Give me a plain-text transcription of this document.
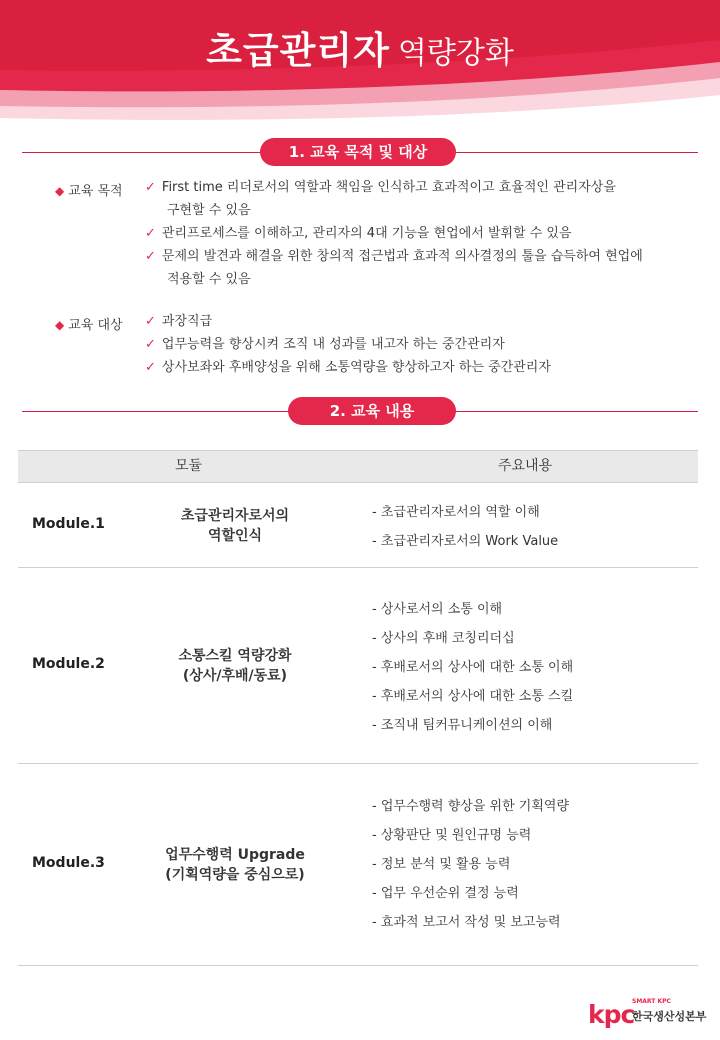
초급관리자 역량강화
1. 교육 목적 및 대상
◆ 교육 목적 ✓ First time 리더로서의 역할과 책임을 인식하고 효과적이고 효율적인 관리자상을
구현할 수 있음
✓ 관리프로세스를 이해하고, 관리자의 4대 기능을 현업에서 발휘할 수 있음
✓ 문제의 발견과 해결을 위한 창의적 접근법과 효과적 의사결정의 툴을 습득하여 현업에
적용할 수 있음
◆ 교육 대상 ✓ 과장직급
✓ 업무능력을 향상시켜 조직 내 성과를 내고자 하는 중간관리자
✓ 상사보좌와 후배양성을 위해 소통역량을 향상하고자 하는 중간관리자
2. 교육 내용
모듈	주요내용
Module.1	초급관리자로서의
역할인식
- 초급관리자로서의 역할 이해
- 초급관리자로서의 Work Value
Module.2	소통스킬 역량강화
(상사/후배/동료)
- 상사로서의 소통 이해
- 상사의 후배 코칭리더십
- 후배로서의 상사에 대한 소통 이해
- 후배로서의 상사에 대한 소통 스킬
- 조직내 팀커뮤니케이션의 이해
Module.3	업무수행력 Upgrade
(기획역량을 중심으로)
- 업무수행력 향상을 위한 기획역량
- 상황판단 및 원인규명 능력
- 정보 분석 및 활용 능력
- 업무 우선순위 결정 능력
- 효과적 보고서 작성 및 보고능력
kpc
SMART KPC
한국생산성본부
